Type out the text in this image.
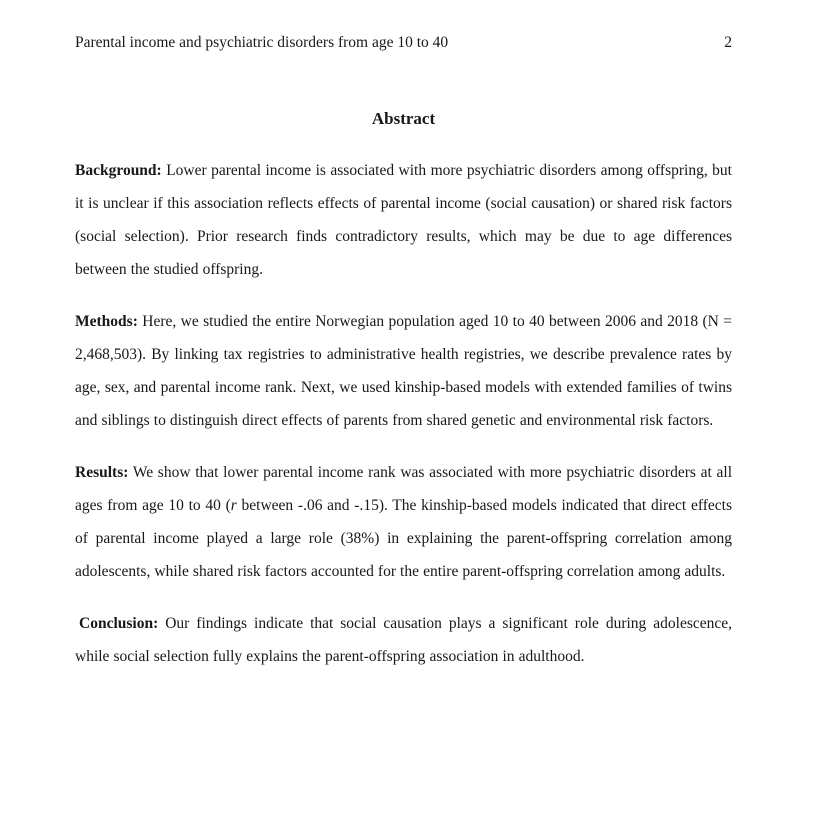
Parental income and psychiatric disorders from age 10 to 40	2
Abstract

Background: Lower parental income is associated with more psychiatric disorders among offspring, but it is unclear if this association reflects effects of parental income (social causation) or shared risk factors (social selection). Prior research finds contradictory results, which may be due to age differences between the studied offspring.

Methods: Here, we studied the entire Norwegian population aged 10 to 40 between 2006 and 2018 (N = 2,468,503). By linking tax registries to administrative health registries, we describe prevalence rates by age, sex, and parental income rank. Next, we used kinship-based models with extended families of twins and siblings to distinguish direct effects of parents from shared genetic and environmental risk factors.

Results: We show that lower parental income rank was associated with more psychiatric disorders at all ages from age 10 to 40 (r between -.06 and -.15). The kinship-based models indicated that direct effects of parental income played a large role (38%) in explaining the parent-offspring correlation among adolescents, while shared risk factors accounted for the entire parent-offspring correlation among adults.

Conclusion: Our findings indicate that social causation plays a significant role during adolescence, while social selection fully explains the parent-offspring association in adulthood.
